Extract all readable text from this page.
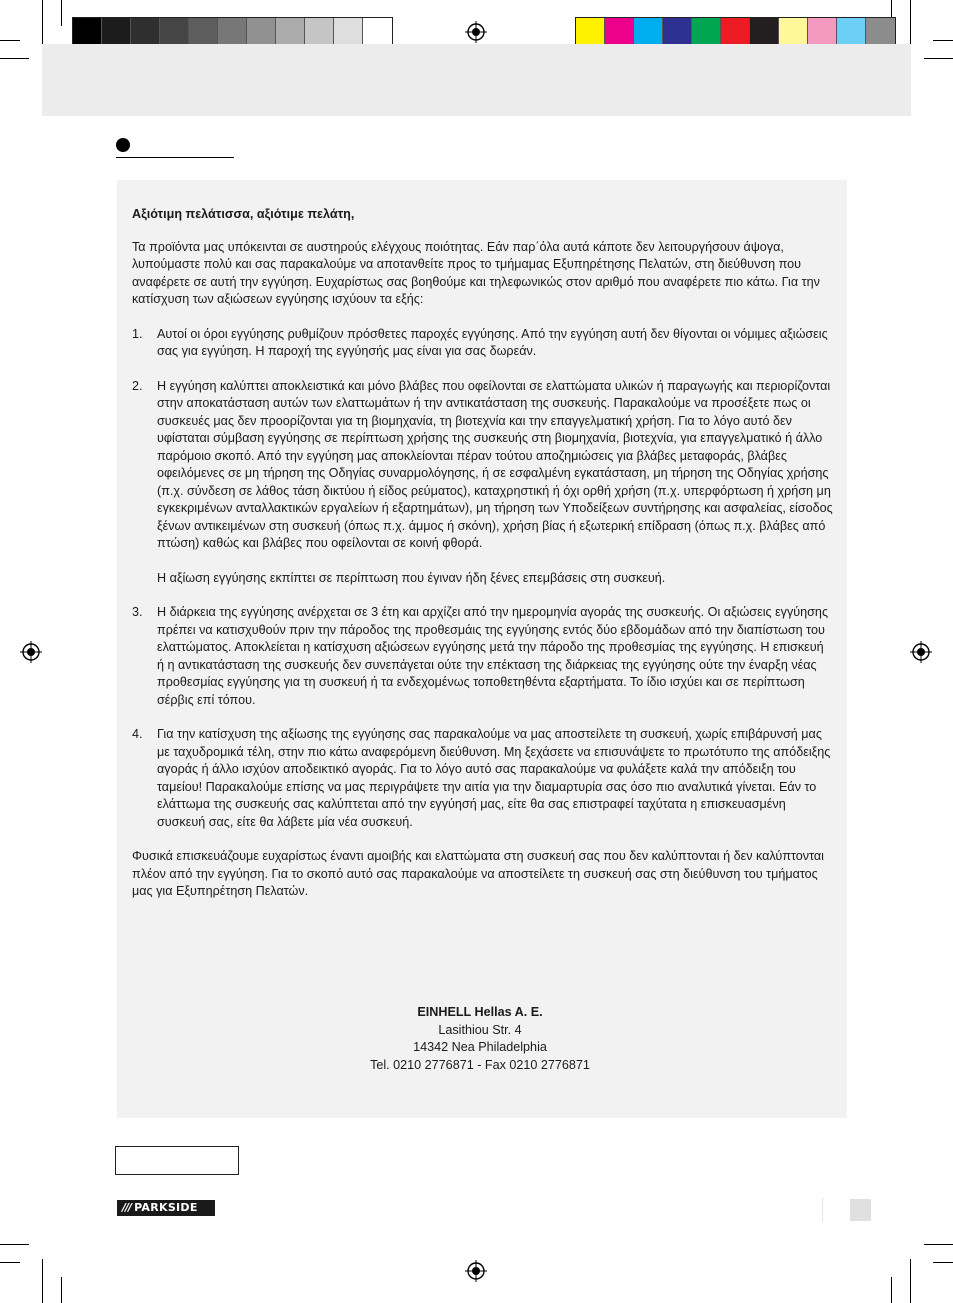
Αξιότιμη πελάτισσα, αξιότιμε πελάτη,

Τα προϊόντα μας υπόκεινται σε αυστηρούς ελέγχους ποιότητας. Εάν παρ΄όλα αυτά κάποτε δεν λειτουργήσουν άψογα, λυπούμαστε πολύ και σας παρακαλούμε να αποτανθείτε προς το τμήμαμας Εξυπηρέτησης Πελατών, στη διεύθυνση που αναφέρετε σε αυτή την εγγύηση. Ευχαρίστως σας βοηθούμε και τηλεφωνικώς στον αριθμό που αναφέρετε πιο κάτω. Για την κατίσχυση των αξιώσεων εγγύησης ισχύουν τα εξής:

1. Αυτοί οι όροι εγγύησης ρυθμίζουν πρόσθετες παροχές εγγύησης. Από την εγγύηση αυτή δεν θίγονται οι νόμιμες αξιώσεις σας για εγγύηση. Η παροχή της εγγύησής μας είναι για σας δωρεάν.
2. Η εγγύηση καλύπτει αποκλειστικά και μόνο βλάβες που οφείλονται σε ελαττώματα υλικών ή παραγωγής και περιορίζονται στην αποκατάσταση αυτών των ελαττωμάτων ή την αντικατάσταση της συσκευής. Παρακαλούμε να προσέξετε πως οι συσκευές μας δεν προορίζονται για τη βιομηχανία, τη βιοτεχνία και την επαγγελματική χρήση. Για το λόγο αυτό δεν υφίσταται σύμβαση εγγύησης σε περίπτωση χρήσης της συσκευής στη βιομηχανία, βιοτεχνία, για επαγγελματικό ή άλλο παρόμοιο σκοπό. Από την εγγύηση μας αποκλείονται πέραν τούτου αποζημιώσεις για βλάβες μεταφοράς, βλάβες οφειλόμενες σε μη τήρηση της Οδηγίας συναρμολόγησης, ή σε εσφαλμένη εγκατάσταση, μη τήρηση της Οδηγίας χρήσης (π.χ. σύνδεση σε λάθος τάση δικτύου ή είδος ρεύματος), καταχρηστική ή όχι ορθή χρήση (π.χ. υπερφόρτωση ή χρήση μη εγκεκριμένων ανταλλακτικών εργαλείων ή εξαρτημάτων), μη τήρηση των Υποδείξεων συντήρησης και ασφαλείας, είσοδος ξένων αντικειμένων στη συσκευή (όπως π.χ. άμμος ή σκόνη), χρήση βίας ή εξωτερική επίδραση (όπως π.χ. βλάβες από πτώση) καθώς και βλάβες που οφείλονται σε κοινή φθορά.
Η αξίωση εγγύησης εκπίπτει σε περίπτωση που έγιναν ήδη ξένες επεμβάσεις στη συσκευή.
3. Η διάρκεια της εγγύησης ανέρχεται σε 3 έτη και αρχίζει από την ημερομηνία αγοράς της συσκευής. Οι αξιώσεις εγγύησης πρέπει να κατισχυθούν πριν την πάροδος της προθεσμάις της εγγύησης εντός δύο εβδομάδων από την διαπίστωση του ελαττώματος. Αποκλείεται η κατίσχυση αξιώσεων εγγύησης μετά την πάροδο της προθεσμίας της εγγύησης. Η επισκευή ή η αντικατάσταση της συσκευής δεν συνεπάγεται ούτε την επέκταση της διάρκειας της εγγύησης ούτε την έναρξη νέας προθεσμίας εγγύησης για τη συσκευή ή τα ενδεχομένως τοποθετηθέντα εξαρτήματα. Το ίδιο ισχύει και σε περίπτωση σέρβις επί τόπου.
4. Για την κατίσχυση της αξίωσης της εγγύησης σας παρακαλούμε να μας αποστείλετε τη συσκευή, χωρίς επιβάρυνσή μας με ταχυδρομικά τέλη, στην πιο κάτω αναφερόμενη διεύθυνση. Μη ξεχάσετε να επισυνάψετε το πρωτότυπο της απόδειξης αγοράς ή άλλο ισχύον αποδεικτικό αγοράς. Για το λόγο αυτό σας παρακαλούμε να φυλάξετε καλά την απόδειξη του ταμείου! Παρακαλούμε επίσης να μας περιγράψετε την αιτία για την διαμαρτυρία σας όσο πιο αναλυτικά γίνεται. Εάν το ελάττωμα της συσκευής σας καλύπτεται από την εγγύησή μας, είτε θα σας επιστραφεί ταχύτατα η επισκευασμένη συσκευή σας, είτε θα λάβετε μία νέα συσκευή.

Φυσικά επισκευάζουμε ευχαρίστως έναντι αμοιβής και ελαττώματα στη συσκευή σας που δεν καλύπτονται ή δεν καλύπτονται πλέον από την εγγύηση. Για το σκοπό αυτό σας παρακαλούμε να αποστείλετε τη συσκευή σας στη διεύθυνση του τμήματος μας για Εξυπηρέτηση Πελατών.

EINHELL Hellas A. E.
Lasithiou Str. 4
14342 Nea Philadelphia
Tel. 0210 2776871 - Fax 0210 2776871
/// PARKSIDE
